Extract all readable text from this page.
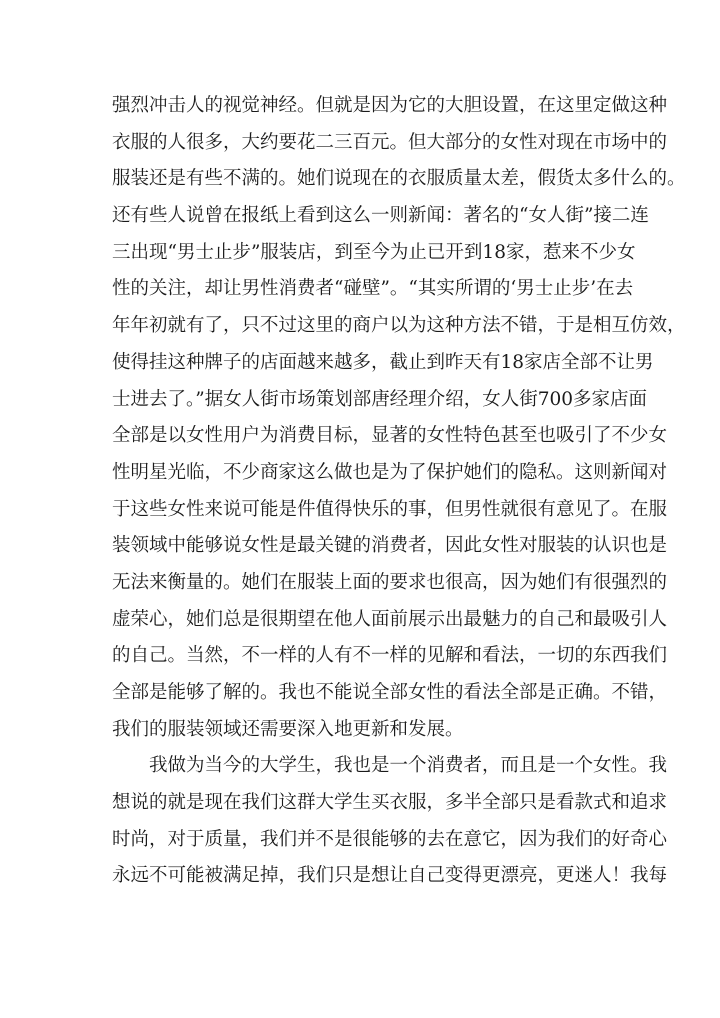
强烈冲击人的视觉神经。但就是因为它的大胆设置，在这里定做这种
衣服的人很多，大约要花二三百元。但大部分的女性对现在市场中的
服装还是有些不满的。她们说现在的衣服质量太差，假货太多什么的。
还有些人说曾在报纸上看到这么一则新闻：著名的“女人街”接二连
三出现“男士止步”服装店，到至今为止已开到18家，惹来不少女
性的关注，却让男性消费者“碰壁”。“其实所谓的‘男士止步’在去
年年初就有了，只不过这里的商户以为这种方法不错，于是相互仿效，
使得挂这种牌子的店面越来越多，截止到昨天有18家店全部不让男
士进去了。”据女人街市场策划部唐经理介绍，女人街700多家店面
全部是以女性用户为消费目标，显著的女性特色甚至也吸引了不少女
性明星光临，不少商家这么做也是为了保护她们的隐私。这则新闻对
于这些女性来说可能是件值得快乐的事，但男性就很有意见了。在服
装领域中能够说女性是最关键的消费者，因此女性对服装的认识也是
无法来衡量的。她们在服装上面的要求也很高，因为她们有很强烈的
虚荣心，她们总是很期望在他人面前展示出最魅力的自己和最吸引人
的自己。当然，不一样的人有不一样的见解和看法，一切的东西我们
全部是能够了解的。我也不能说全部女性的看法全部是正确。不错，
我们的服装领域还需要深入地更新和发展。
我做为当今的大学生，我也是一个消费者，而且是一个女性。我
想说的就是现在我们这群大学生买衣服，多半全部只是看款式和追求
时尚，对于质量，我们并不是很能够的去在意它，因为我们的好奇心
永远不可能被满足掉，我们只是想让自己变得更漂亮，更迷人！我每
